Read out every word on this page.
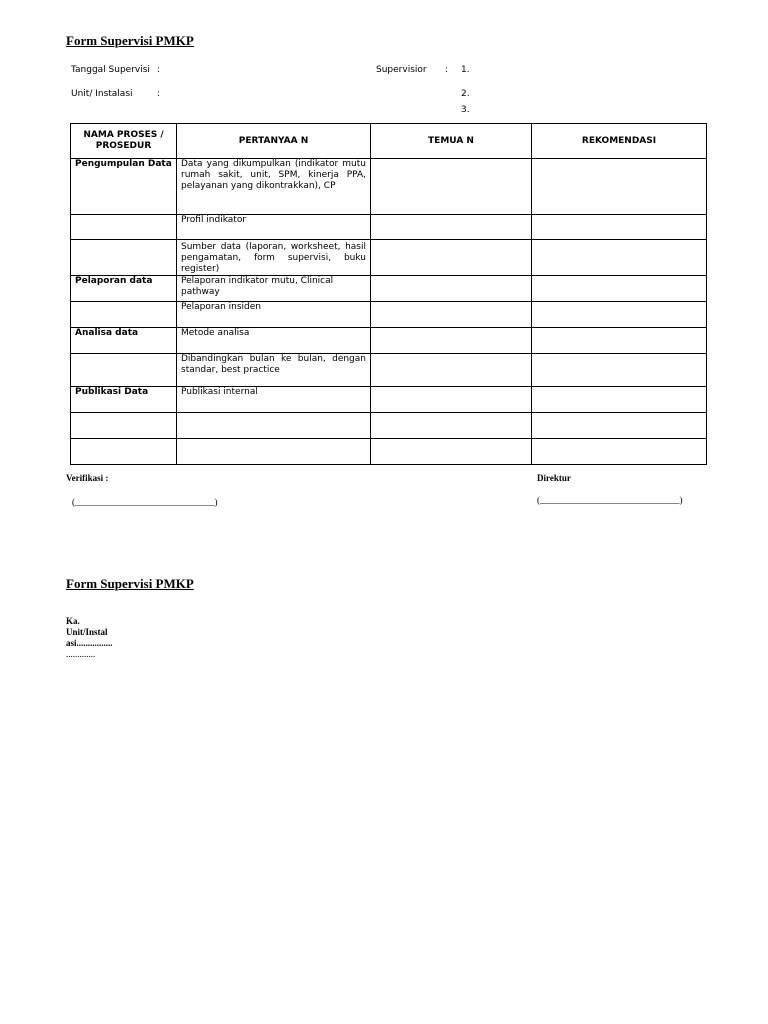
Form Supervisi PMKP
Tanggal Supervisi :
Unit/ Instalasi	:
Supervisior : 1.
2.
3.
NAMA PROSES / PROSEDUR	PERTANYAA N	TEMUA N	REKOMENDASI
Pengumpulan Data	Data yang dikumpulkan (indikator mutu rumah sakit, unit, SPM, kinerja PPA, pelayanan yang dikontrakkan), CP		
	Profil indikator		
	Sumber data (laporan, worksheet, hasil pengamatan, form supervisi, buku register)		
Pelaporan data	Pelaporan indikator mutu, Clinical pathway		
	Pelaporan insiden		
Analisa data	Metode analisa		
	Dibandingkan bulan ke bulan, dengan standar, best practice		
Publikasi Data	Publikasi internal		

Verifikasi :
(_______________________________)
Direktur
(_______________________________)
Form Supervisi PMKP
Ka.
Unit/Instal
asi................
.............
